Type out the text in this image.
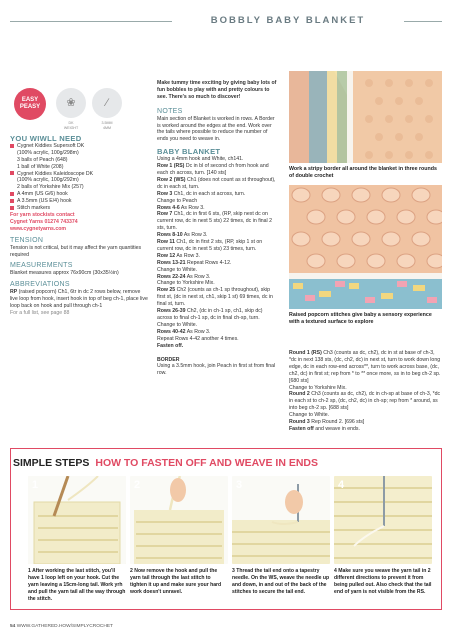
BOBBLY BABY BLANKET
EASY
PEASY	❀
DK
WEIGHT
∕
3.5MM
4MM
YOU WIWLL NEED
Cygnet Kiddies Supersoft DK
(100% acrylic, 100g/298m)
3 balls of Peach (648)
1 ball of White (208)
Cygnet Kiddies Kaleidoscope DK
(100% acrylic, 100g/292m)
2 balls of Yorkshire Mix (257)
A 4mm (US G/6) hook
A 3.5mm (US E/4) hook
Stitch markers
For yarn stockists contact
Cygnet Yarns 01274 743374
www.cygnetyarns.com
TENSION
Tension is not critical, but it may affect the yarn quantities required
MEASUREMENTS
Blanket measures approx 76x90cm (30x35½in)
ABBREVIATIONS
RP (raised popcorn) Ch1, 6tr in dc 2 rows below, remove live loop from hook, insert hook in top of beg ch-1, place live loop back on hook and pull through ch-1
For a full list, see page 88
Make tummy time exciting by giving baby lots of fun bobbles to play with and pretty colours to see. There's so much to discover!
NOTES
Main section of Blanket is worked in rows. A Border is worked around the edges at the end. Work over the tails where possible to reduce the number of ends you need to weave in.
BABY BLANKET
Using a 4mm hook and White, ch141.
Row 1 (RS) Dc in bl of second ch from hook and each ch across, turn. [140 sts]
Row 2 (WS) Ch1 (does not count as st throughout), dc in each st, turn.
Row 3 Ch1, dc in each st across, turn.
Change to Peach
Rows 4-6 As Row 3.
Row 7 Ch1, dc in first 6 sts, (RP, skip next dc on current row, dc in next 5 sts) 22 times, dc in final 2 sts, turn.
Rows 8-10 As Row 3.
Row 11 Ch1, dc in first 2 sts, (RP, skip 1 st on current row, dc in next 5 sts) 23 times, turn.
Row 12 As Row 3.
Rows 13-21 Repeat Rows 4-12.
Change to White.
Rows 22-24 As Row 3.
Change to Yorkshire Mix.
Row 25 Ch2 (counts as ch-1 sp throughout), skip first st, (dc in next st, ch1, skip 1 st) 69 times, dc in final st, turn.
Rows 26-39 Ch2, (dc in ch-1 sp, ch1, skip dc) across to final ch-1 sp, dc in final ch-sp, turn.
Change to White.
Rows 40-42 As Row 3.
Repeat Rows 4-42 another 4 times.
Fasten off.
BORDER
Using a 3.5mm hook, join Peach in first st from final row.
Work a stripy border all around the blanket in three rounds of double crochet
Raised popcorn stitches give baby a sensory experience with a textured surface to explore
Round 1 (RS) Ch3 (counts as dc, ch2), dc in st at base of ch-3, *dc in next 138 sts, (dc, ch2, dc) in next st, turn to work down long edge, dc in each row-end across**, turn to work across base, (dc, ch2, dc) in first st; rep from * to ** once more, ss in to beg ch-2 sp. [680 sts]
Change to Yorkshire Mix.
Round 2 Ch3 (counts as dc, ch2), dc in ch-sp at base of ch-3, *dc in each st to ch-2 sp, (dc, ch2, dc) in ch-sp; rep from * around, ss into beg ch-2 sp. [688 sts]
Change to White.
Round 3 Rep Round 2. [696 sts]
Fasten off and weave in ends.
SIMPLE STEPS HOW TO FASTEN OFF AND WEAVE IN ENDS
1	2	3	4
1 After working the last stitch, you'll have 1 loop left on your hook. Cut the yarn leaving a 15cm-long tail. Work yrh and pull the yarn tail all the way through the stitch.
2 Now remove the hook and pull the yarn tail through the last stitch to tighten it up and make sure your hard work doesn't unravel.
3 Thread the tail end onto a tapestry needle. On the WS, weave the needle up and down, in and out of the back of the stitches to secure the tail end.
4 Make sure you weave the yarn tail in 2 different directions to prevent it from being pulled out. Also check that the tail end of yarn is not visible from the RS.
54 WWW.GATHERED.HOW/SIMPLYCROCHET
